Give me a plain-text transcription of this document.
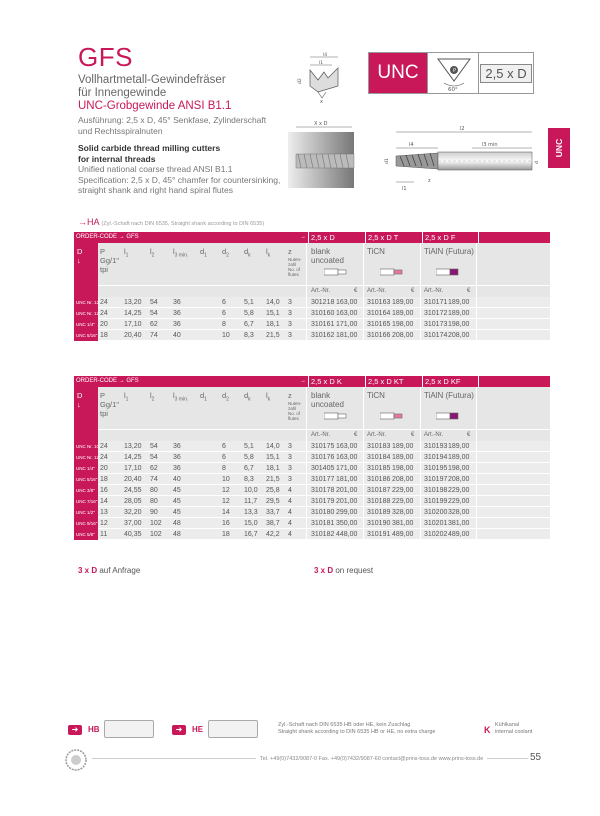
GFS
Vollhartmetall-Gewindefräser
für Innengewinde
UNC-Grobgewinde ANSI B1.1
Ausführung: 2,5 x D, 45° Senkfase, Zylinderschaft
und Rechtsspiralnuten
Solid carbide thread milling cutters
for internal threads
Unified national coarse thread ANSI B1.1
Specification: 2,5 x D, 45° chamfer for countersinking,
straight shank and right hand spiral flutes
l4
l1
d2
x
UNC	P
60°
2,5 x D
UNC
X x D
l2
l4	l3 min
d1	d
l1
z
→HA (Zyl.-Schaft nach DIN 6535, Straight shank according to DIN 6535)
ORDER-CODE → GFS	→ 2,5 x D	2,5 x D T	2,5 x D F
D
↓
P
Gg/1"
tpi
$l_1$	$l_2$ $l_{3 min.}$ $d_1$ $d_2$ $d_k$ $l_k$ z
Nuten-
zahl
No. of
flutes
blank
uncoated
TiCN	TiAlN (Futura)
Art.-Nr.	€ Art.-Nr.	€ Art.-Nr.	€
UNC Nr. 12 24 13,20 54 36	6	5,1 14,0 3	301218 163,00 310163 189,00 310171 189,00
UNC Nr. 12 24 14,25 54 36	6	5,8 15,1 3	310160 163,00 310164 189,00 310172 189,00
UNC 1/4" 20 17,10 62 36	8	6,7 18,1 3	310161 171,00 310165 198,00 310173 198,00
UNC 5/16" 18 20,40 74 40	10 8,3 21,5 3	310162 181,00 310166 208,00 310174 208,00
ORDER-CODE → GFS	→ 2,5 x D K	2,5 x D KT	2,5 x D KF
D
↓
P
Gg/1"
tpi
$l_1$	$l_2$ $l_{3 min.}$ $d_1$ $d_2$ $d_k$ $l_k$ z
Nuten-
zahl
No. of
flutes
blank
uncoated
TiCN	TiAlN (Futura)
Art.-Nr.	€ Art.-Nr.	€ Art.-Nr.	€
UNC Nr. 10 24 13,20 54 36	6	5,1 14,0 3	310175 163,00 310183 189,00 310193 189,00
UNC Nr. 12 24 14,25 54 36	6	5,8 15,1 3	310176 163,00 310184 189,00 310194 189,00
UNC 1/4" 20 17,10 62 36	8	6,7 18,1 3	301405 171,00 310185 198,00 310195 198,00
UNC 5/16" 18 20,40 74 40	10 8,3 21,5 3	310177 181,00 310186 208,00 310197 208,00
UNC 3/8" 16 24,55 80 45	12 10,0 25,8 4	310178 201,00 310187 229,00 310198 229,00
UNC 7/16" 14 28,05 80 45	12 11,7 29,5 4	310179 201,00 310188 229,00 310199 229,00
UNC 1/2" 13 32,20 90 45	14 13,3 33,7 4	310180 299,00 310189 328,00 310200 328,00
UNC 9/16" 12 37,00 102 48	16 15,0 38,7 4	310181 350,00 310190 381,00 310201 381,00
UNC 5/8" 11 40,35 102 48	18 16,7 42,2 4	310182 448,00 310191 489,00 310202 489,00
3 x D auf Anfrage	3 x D on request
➜	HB	➜	HE	Zyl.-Schaft nach DIN 6535 HB oder HE, kein Zuschlag
Straight shank according to DIN 6535 HB or HE, no extra charge	K Kühlkanal
internal coolant
Tel. +49(0)7432/9087-0 Fax. +49(0)7432/9087-60 contact@prins-toss.de www.prins-toss.de	55
